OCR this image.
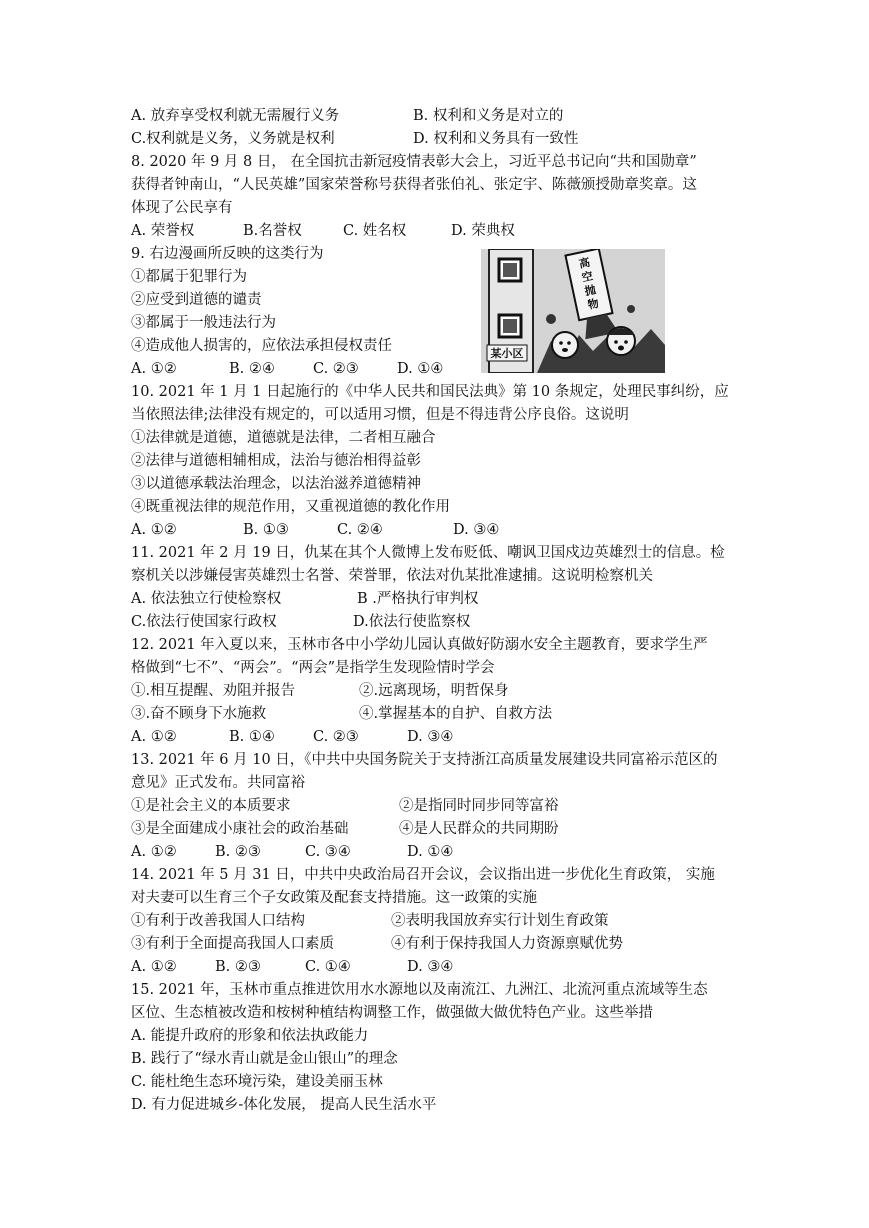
A. 放弃享受权利就无需履行义务	B. 权利和义务是对立的
C.权利就是义务，义务就是权利	D. 权利和义务具有一致性
8. 2020 年 9 月 8 日， 在全国抗击新冠疫情表彰大会上，习近平总书记向“共和国勋章”
获得者钟南山，“人民英雄”国家荣誉称号获得者张伯礼、张定宇、陈薇颁授勋章奖章。这
体现了公民享有
A. 荣誉权	B.名誉权	C. 姓名权	D. 荣典权
9. 右边漫画所反映的这类行为
①都属于犯罪行为
②应受到道德的谴责
③都属于一般违法行为
④造成他人损害的，应依法承担侵权责任
A. ①②	B. ②④	C. ②③	D. ①④
高
空
抛
物
某小区
10. 2021 年 1 月 1 日起施行的《中华人民共和国民法典》第 10 条规定，处理民事纠纷，应
当依照法律;法律没有规定的，可以适用习惯，但是不得违背公序良俗。这说明
①法律就是道德，道德就是法律，二者相互融合
②法律与道德相辅相成，法治与德治相得益彰
③以道德承载法治理念，以法治滋养道德精神
④既重视法律的规范作用，又重视道德的教化作用
A. ①②	B. ①③	C. ②④	D. ③④
11. 2021 年 2 月 19 日，仇某在其个人微博上发布贬低、嘲讽卫国戍边英雄烈士的信息。检
察机关以涉嫌侵害英雄烈士名誉、荣誉罪，依法对仇某批准逮捕。这说明检察机关
A. 依法独立行使检察权	B .严格执行审判权
C.依法行使国家行政权	D.依法行使监察权
12. 2021 年入夏以来，玉林市各中小学幼儿园认真做好防溺水安全主题教育，要求学生严
格做到“七不”、“两会”。“两会”是指学生发现险情时学会
①.相互提醒、劝阻并报告	②.远离现场，明哲保身
③.奋不顾身下水施救	④.掌握基本的自护、自救方法
A. ①②	B. ①④	C. ②③	D. ③④
13. 2021 年 6 月 10 日，《中共中央国务院关于支持浙江高质量发展建设共同富裕示范区的
意见》正式发布。共同富裕
①是社会主义的本质要求	②是指同时同步同等富裕
③是全面建成小康社会的政治基础	④是人民群众的共同期盼
A. ①②	B. ②③	C. ③④	D. ①④
14. 2021 年 5 月 31 日，中共中央政治局召开会议，会议指出进一步优化生育政策， 实施
对夫妻可以生育三个子女政策及配套支持措施。这一政策的实施
①有利于改善我国人口结构	②表明我国放弃实行计划生育政策
③有利于全面提高我国人口素质	④有利于保持我国人力资源禀赋优势
A. ①②	B. ②③	C. ①④	D. ③④
15. 2021 年，玉林市重点推进饮用水水源地以及南流江、九洲江、北流河重点流域等生态
区位、生态植被改造和桉树种植结构调整工作，做强做大做优特色产业。这些举措
A. 能提升政府的形象和依法执政能力
B. 践行了“绿水青山就是金山银山”的理念
C. 能杜绝生态环境污染，建设美丽玉林
D. 有力促进城乡-体化发展， 提高人民生活水平
